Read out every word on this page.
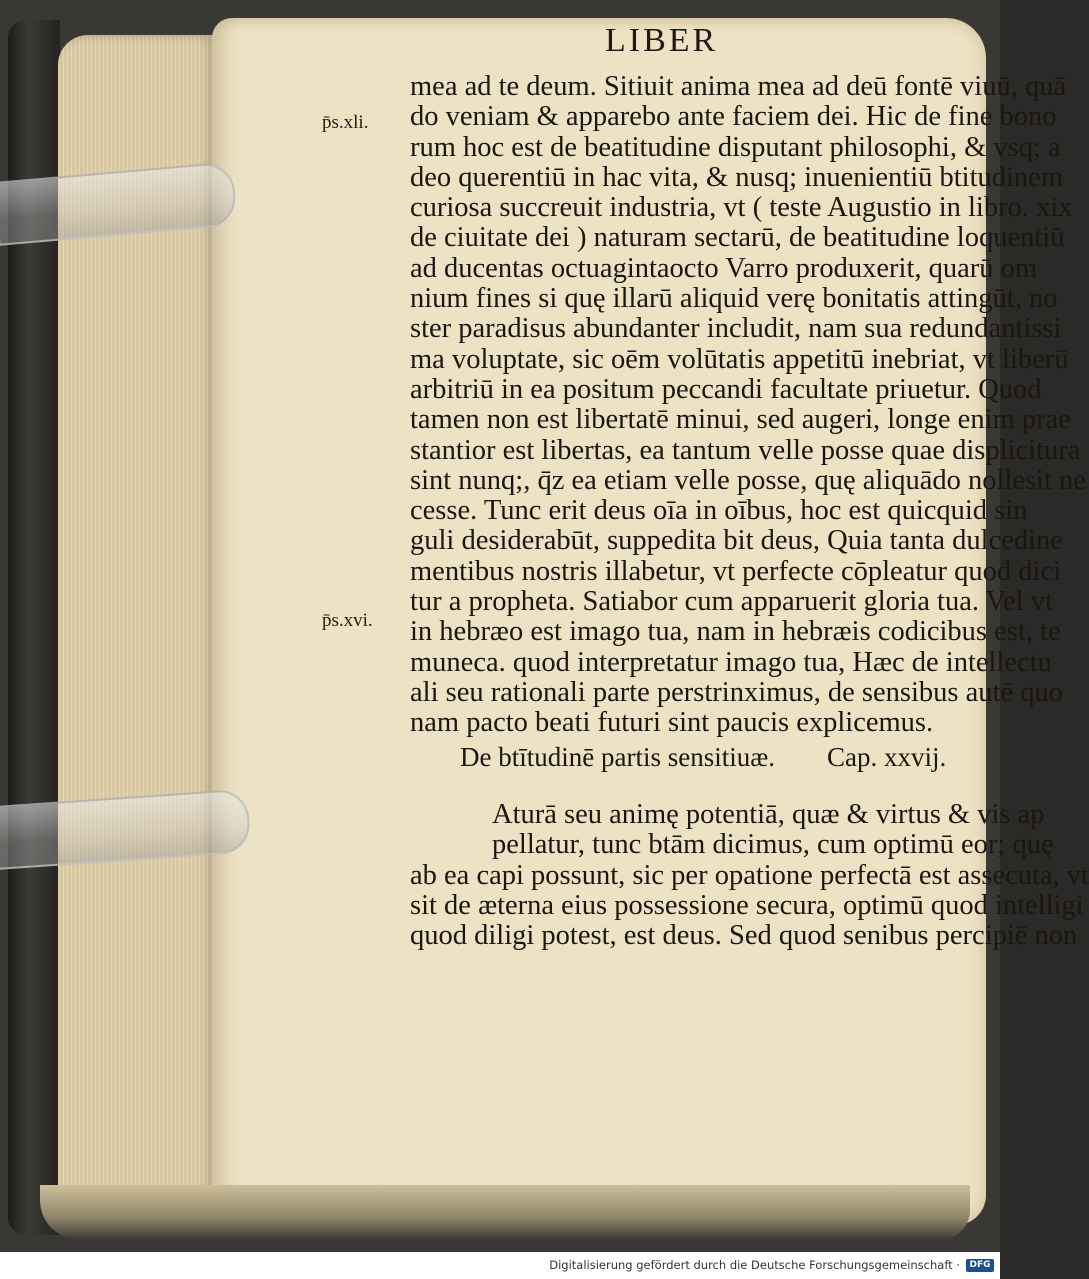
LIBER
p̄s.xli.
p̄s.xvi.
mea ad te deum. Sitiuit anima mea ad deū fontē viuū, quā
do veniam & apparebo ante faciem dei. Hic de fine bono
rum hoc est de beatitudine disputant philosophi, & vsq; a
deo querentiū in hac vita, & nusq; inuenientiū btitudinem
curiosa succreuit industria, vt ( teste Augustio in libro. xix
de ciuitate dei ) naturam sectarū, de beatitudine loquentiū
ad ducentas octuagintaocto Varro produxerit, quarū om
nium fines si quę illarū aliquid verę bonitatis attingūt, no
ster paradisus abundanter includit, nam sua redundantissi
ma voluptate, sic oēm volūtatis appetitū inebriat, vt liberū
arbitriū in ea positum peccandi facultate priuetur. Quod
tamen non est libertatē minui, sed augeri, longe enim prae
stantior est libertas, ea tantum velle posse quae displicitura
sint nunq;, q̄z ea etiam velle posse, quę aliquādo nollesit ne
cesse. Tunc erit deus oīa in oībus, hoc est quicquid sin
guli desiderabūt, suppedita bit deus, Quia tanta dulcedine
mentibus nostris illabetur, vt perfecte cōpleatur quod dici
tur a propheta. Satiabor cum apparuerit gloria tua. Vel vt
in hebræo est imago tua, nam in hebræis codicibus est, te
muneca. quod interpretatur imago tua, Hæc de intellectu
ali seu rationali parte perstrinximus, de sensibus autē quo
nam pacto beati futuri sint paucis explicemus.
De btītudinē partis sensitiuæ. Cap. xxvij.
Aturā seu animę potentiā, quæ & virtus & vis ap
pellatur, tunc btām dicimus, cum optimū eor; quę
ab ea capi possunt, sic per opatione perfectā est assecuta, vt
sit de æterna eius possessione secura, optimū quod intelligi
quod diligi potest, est deus. Sed quod senibus percipiē non
Digitalisierung gefördert durch die Deutsche Forschungsgemeinschaft ·	DFG
